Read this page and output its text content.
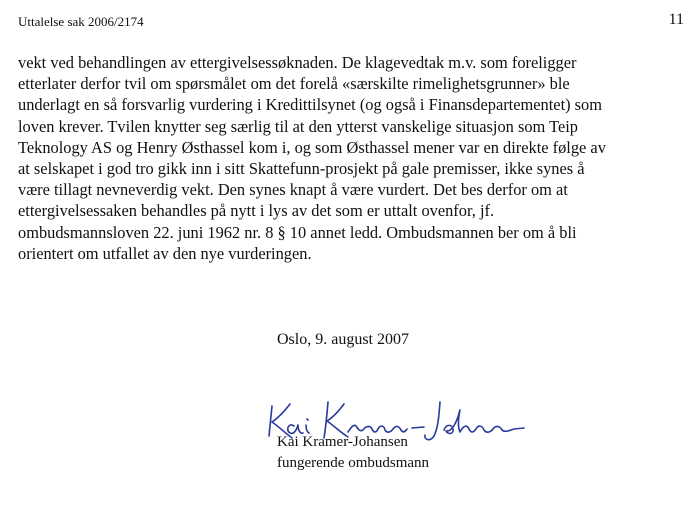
Uttalelse sak 2006/2174	11
vekt ved behandlingen av ettergivelsessøknaden. De klagevedtak m.v. som foreligger
etterlater derfor tvil om spørsmålet om det forelå «særskilte rimelighetsgrunner» ble
underlagt en så forsvarlig vurdering i Kredittilsynet (og også i Finansdepartementet) som
loven krever. Tvilen knytter seg særlig til at den ytterst vanskelige situasjon som Teip
Teknology AS og Henry Østhassel kom i, og som Østhassel mener var en direkte følge av
at selskapet i god tro gikk inn i sitt Skattefunn-prosjekt på gale premisser, ikke synes å
være tillagt nevneverdig vekt. Den synes knapt å være vurdert. Det bes derfor om at
ettergivelsessaken behandles på nytt i lys av det som er uttalt ovenfor, jf.
ombudsmannsloven 22. juni 1962 nr. 8 § 10 annet ledd. Ombudsmannen ber om å bli
orientert om utfallet av den nye vurderingen.
Oslo, 9. august 2007
Kai Kramer-Johansen
fungerende ombudsmann
